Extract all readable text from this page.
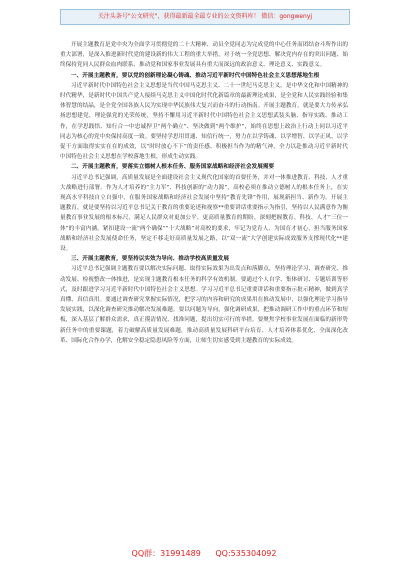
关注头条号"公文研究"，获得最新最全最专业的公文资料库！ 微信：gongwenyj

开展主题教育是党中央为全面学习贯彻党的二十大精神、动员全党同志为完成党的中心任务而团结奋斗所作出的重大部署，是深入推进新时代党的建设新的伟大工程的重大举措，对于统一全党思想、解决党内存在的突出问题、始终保持党同人民群众血肉联系、推动党和国家事业发展具有重大而深远的政治意义、理论意义、实践意义。

一、开展主题教育，要以党的创新理论凝心铸魂、推动习近平新时代中国特色社会主义思想落地生根

习近平新时代中国特色社会主义思想是当代中国马克思主义、二十一世纪马克思主义，是中华文化和中国精神的时代精华，是新时代中国共产党人接续马克思主义中国化时代化新篇章的最新理论成果，是全党和人民实践经验和集体智慧的结晶，是全党全国各族人民为实现中华民族伟大复兴而奋斗的行动指南。开展主题教育，就是要大力传承弘扬思想建党、理论强党的光荣传统，坚持不懈用习近平新时代中国特色社会主义思想武装头脑、指导实践、推动工作，在学思践悟、知行合一中忠诚捍卫“两个确立”、坚决做到“两个维护”，始终在思想上政治上行动上同以习近平同志为核心的党中央保持高度一致。要坚持学思用贯通、知信行统一，努力在以学铸魂、以学增智、以学正风、以学促干方面取得实实在在的成效，以“时时放心不下”的责任感、积极担当作为的精气神，全力以赴推动习近平新时代中国特色社会主义思想在学校落地生根，形成生动实践。

二、开展主题教育，要落实立德树人根本任务、服务国家战略和经济社会发展需要

习近平总书记强调，高质量发展是全面建设社会主义现代化国家的首要任务，并对一体推进教育、科技、人才重大战略进行部署。作为人才培养的“主力军”、科技创新的“动力源”，高校必须在推动立德树人的根本任务上，在实现高水平科技自立自强中，在服务国家战略和经济社会发展中坚持“教育先锋”作用，展现新担当、新作为。开展主题教育，就是要坚持以习近平总书记关于教育的重要论述和视察**重要讲话重要指示为指引，坚持以人民满意作为衡量教育事业发展的根本标尺，满足人民群众对更加公平、更高质量教育的期盼。深刻把握教育、科技、人才“三位一体”的丰富内涵，紧扣建设一流“两个确保”“十大战略”对高校的要求，牢记为党育人、为国育才初心，担当服务国家战略和经济社会发展使命任务，坚定不移走好高质量发展之路，以“双一流”大学创建实际成效服务支撑现代化**建设。

三、开展主题教育，要坚持以实效为导向、推动学校高质量发展

习近平总书记强调主题教育要以解决实际问题、取得实际效果为出发点和落脚点，坚持理论学习、调查研究、推动发展、检视整改一体推进，是实现主题教育根本任务的科学有效机制。要通过个人自学、集体研讨、专题培训等形式，及时跟进学习习近平新时代中国特色社会主义思想。学习习近平总书记重要讲话和重要指示批示精神，做到真学真懂、真信真用。要通过调查研究掌握实际情况，把学习的内容和研究的成果用在推动发展中，以强化理论学习指导发展实践，以深化调查研究推动解决发展难题。要以问题为导向，强化调研成果，把推动调研工作中的重点环节和短板，深入基层了解群众需求，真正摸清情况、找准问题，提出切实可行的举措。要聚焦学校事业发展在面临的新形势新任务中的重要课题，着力破解高质量发展难题，推动高质量发展科研平台培育、人才培养体系优化、全面深化改革、国际化合作办学，化解安全稳定隐患风险等方面，让师生切实感受到主题教育的实际成效。

QQ群：31991489 QQ:535304092
